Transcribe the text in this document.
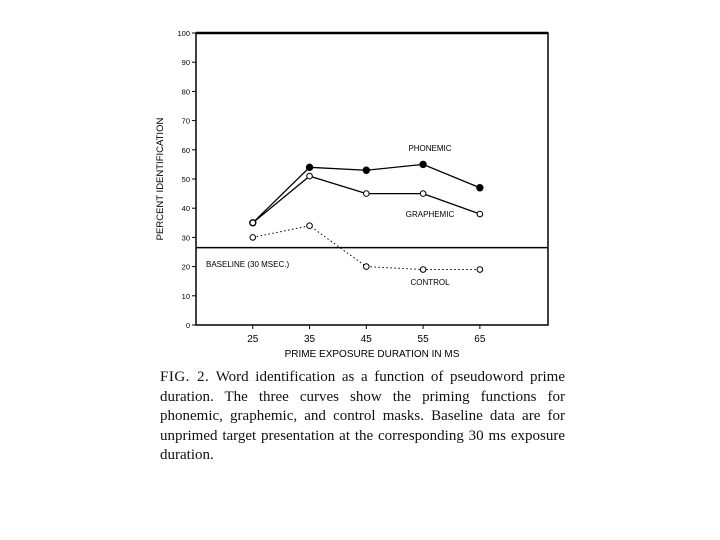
0
10
20
30
40
50
60
70
80
90
100
25	35	45	55	65
BASELINE (30 MSEC.)
PHONEMIC
GRAPHEMIC
CONTROL
PERCENT IDENTIFICATION
PRIME EXPOSURE DURATION IN MS
FIG. 2. Word identification as a function of pseudoword prime duration. The three curves show the priming functions for phonemic, graphemic, and control masks. Baseline data are for unprimed target presentation at the corresponding 30 ms exposure duration.
